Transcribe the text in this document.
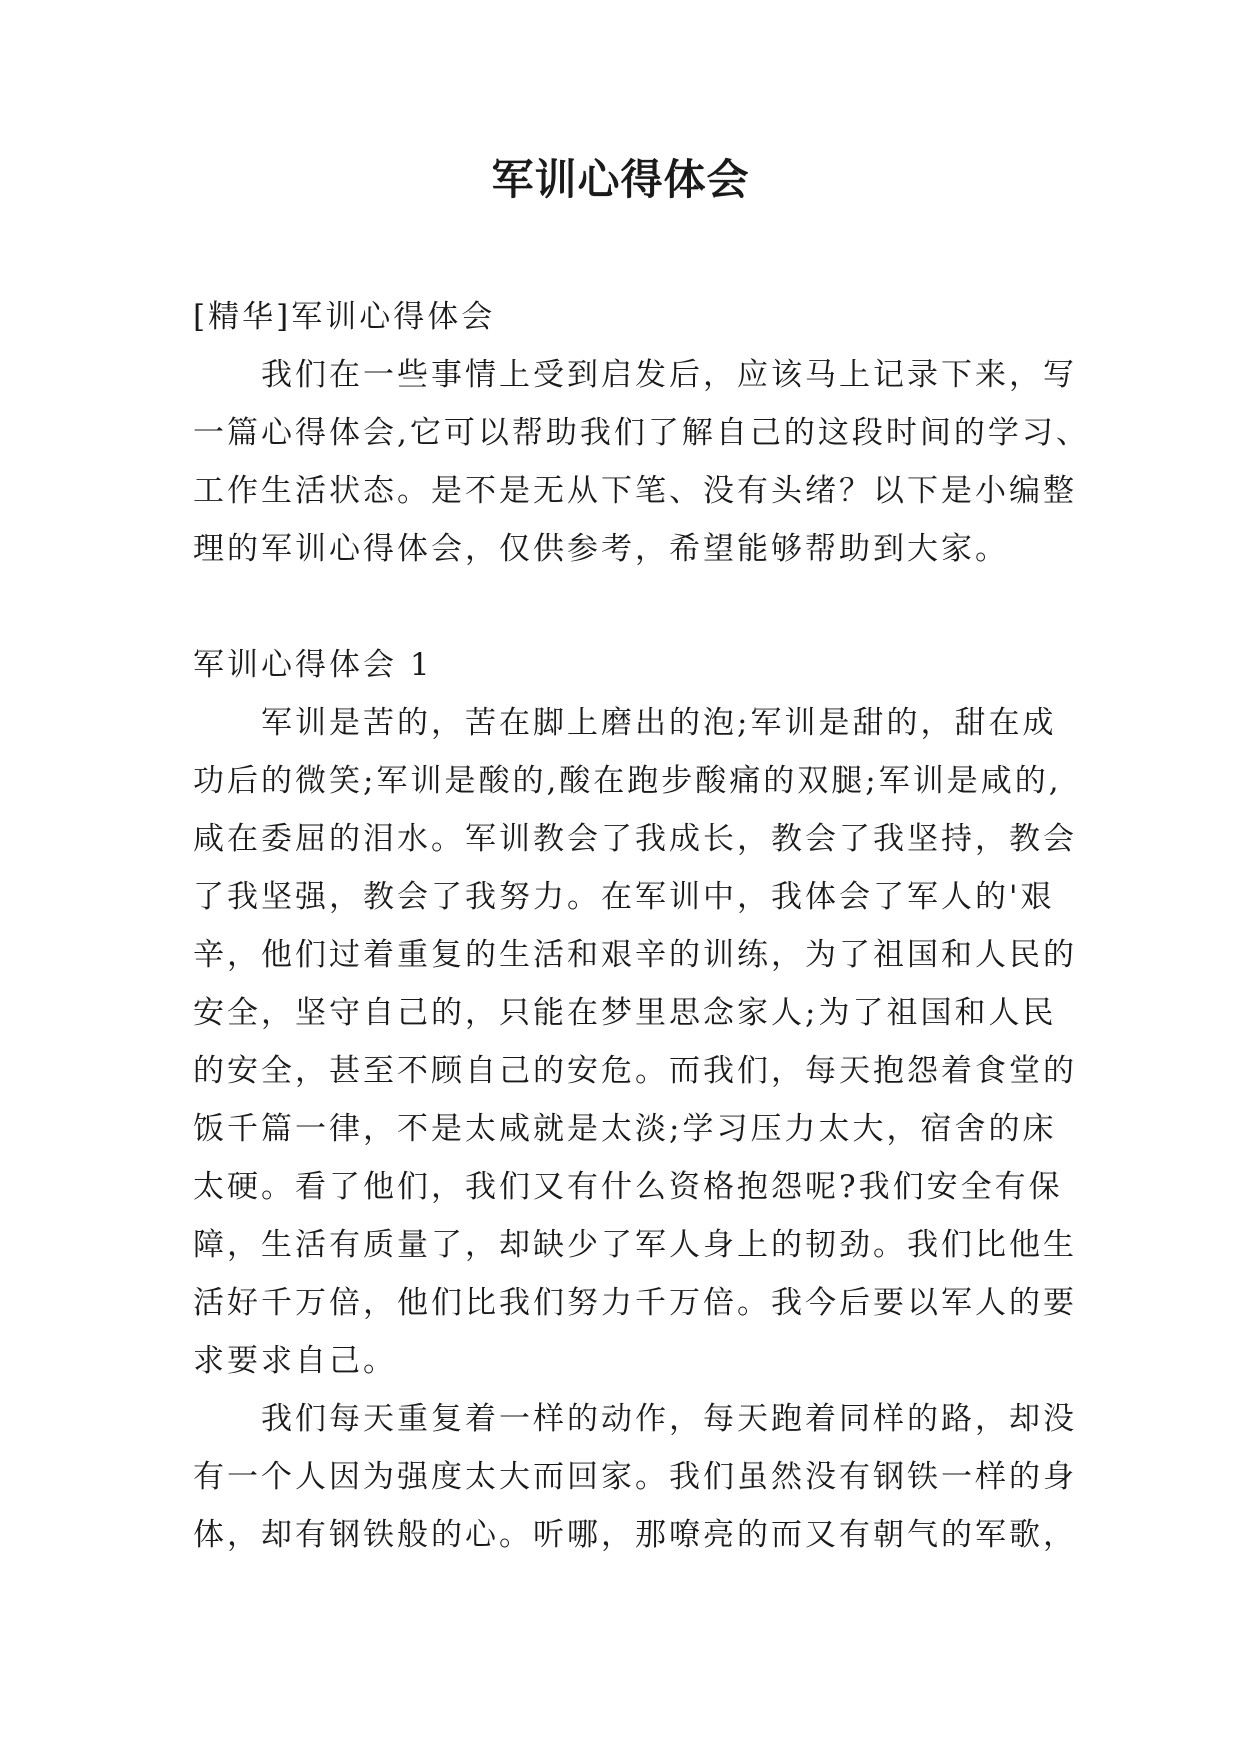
军训心得体会
[精华]军训心得体会
　　我们在一些事情上受到启发后，应该马上记录下来，写
一篇心得体会,它可以帮助我们了解自己的这段时间的学习、
工作生活状态。是不是无从下笔、没有头绪？以下是小编整
理的军训心得体会，仅供参考，希望能够帮助到大家。
军训心得体会 1
　　军训是苦的，苦在脚上磨出的泡;军训是甜的，甜在成
功后的微笑;军训是酸的,酸在跑步酸痛的双腿;军训是咸的,
咸在委屈的泪水。军训教会了我成长，教会了我坚持，教会
了我坚强，教会了我努力。在军训中，我体会了军人的'艰
辛，他们过着重复的生活和艰辛的训练，为了祖国和人民的
安全，坚守自己的，只能在梦里思念家人;为了祖国和人民
的安全，甚至不顾自己的安危。而我们，每天抱怨着食堂的
饭千篇一律，不是太咸就是太淡;学习压力太大，宿舍的床
太硬。看了他们，我们又有什么资格抱怨呢?我们安全有保
障，生活有质量了，却缺少了军人身上的韧劲。我们比他生
活好千万倍，他们比我们努力千万倍。我今后要以军人的要
求要求自己。
　　我们每天重复着一样的动作，每天跑着同样的路，却没
有一个人因为强度太大而回家。我们虽然没有钢铁一样的身
体，却有钢铁般的心。听哪，那嘹亮的而又有朝气的军歌，
